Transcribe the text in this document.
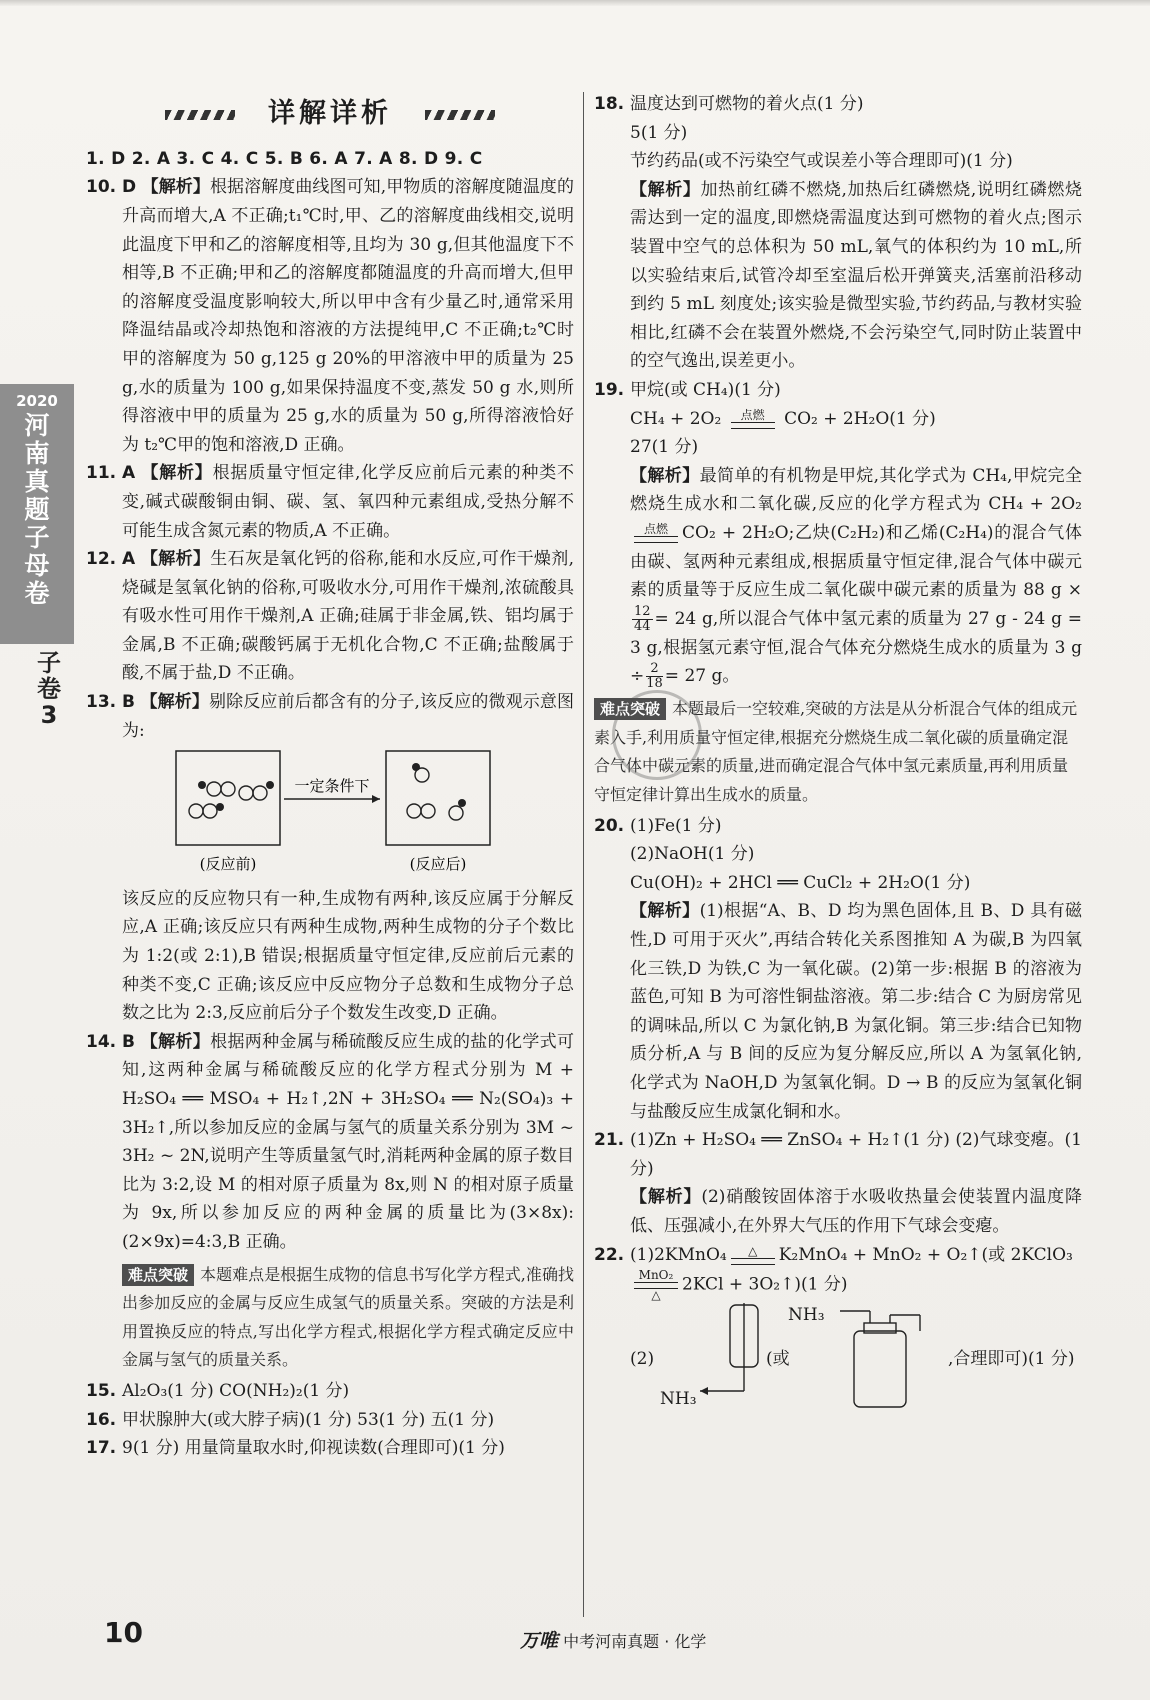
2020
河南真题子母卷
子卷3
详解详析

1. D 2. A 3. C 4. C 5. B 6. A 7. A 8. D 9. C

10. D 【解析】根据溶解度曲线图可知,甲物质的溶解度随温度的升高而增大,A 不正确;t₁℃时,甲、乙的溶解度曲线相交,说明此温度下甲和乙的溶解度相等,且均为 30 g,但其他温度下不相等,B 不正确;甲和乙的溶解度都随温度的升高而增大,但甲的溶解度受温度影响较大,所以甲中含有少量乙时,通常采用降温结晶或冷却热饱和溶液的方法提纯甲,C 不正确;t₂℃时甲的溶解度为 50 g,125 g 20%的甲溶液中甲的质量为 25 g,水的质量为 100 g,如果保持温度不变,蒸发 50 g 水,则所得溶液中甲的质量为 25 g,水的质量为 50 g,所得溶液恰好为 t₂℃甲的饱和溶液,D 正确。
11. A 【解析】根据质量守恒定律,化学反应前后元素的种类不变,碱式碳酸铜由铜、碳、氢、氧四种元素组成,受热分解不可能生成含氮元素的物质,A 不正确。
12. A 【解析】生石灰是氧化钙的俗称,能和水反应,可作干燥剂,烧碱是氢氧化钠的俗称,可吸收水分,可用作干燥剂,浓硫酸具有吸水性可用作干燥剂,A 正确;硅属于非金属,铁、铝均属于金属,B 不正确;碳酸钙属于无机化合物,C 不正确;盐酸属于酸,不属于盐,D 不正确。
13. B 【解析】剔除反应前后都含有的分子,该反应的微观示意图为:
一定条件下
(反应前)	(反应后)
该反应的反应物只有一种,生成物有两种,该反应属于分解反应,A 正确;该反应只有两种生成物,两种生成物的分子个数比为 1:2(或 2:1),B 错误;根据质量守恒定律,反应前后元素的种类不变,C 正确;该反应中反应物分子总数和生成物分子总数之比为 2:3,反应前后分子个数发生改变,D 正确。
14. B 【解析】根据两种金属与稀硫酸反应生成的盐的化学式可知,这两种金属与稀硫酸反应的化学方程式分别为 M + H₂SO₄ ══ MSO₄ + H₂↑,2N + 3H₂SO₄ ══ N₂(SO₄)₃ + 3H₂↑,所以参加反应的金属与氢气的质量关系分别为 3M ~ 3H₂ ~ 2N,说明产生等质量氢气时,消耗两种金属的原子数目比为 3:2,设 M 的相对原子质量为 8x,则 N 的相对原子质量为 9x,所以参加反应的两种金属的质量比为(3×8x):(2×9x)=4:3,B 正确。
难点突破 本题难点是根据生成物的信息书写化学方程式,准确找出参加反应的金属与反应生成氢气的质量关系。突破的方法是利用置换反应的特点,写出化学方程式,根据化学方程式确定反应中金属与氢气的质量关系。
15. Al₂O₃(1 分) CO(NH₂)₂(1 分)
16. 甲状腺肿大(或大脖子病)(1 分) 53(1 分) 五(1 分)
17. 9(1 分) 用量筒量取水时,仰视读数(合理即可)(1 分)
18. 温度达到可燃物的着火点(1 分)
5(1 分)
节约药品(或不污染空气或误差小等合理即可)(1 分)
【解析】加热前红磷不燃烧,加热后红磷燃烧,说明红磷燃烧需达到一定的温度,即燃烧需温度达到可燃物的着火点;图示装置中空气的总体积为 50 mL,氧气的体积约为 10 mL,所以实验结束后,试管冷却至室温后松开弹簧夹,活塞前沿移动到约 5 mL 刻度处;该实验是微型实验,节约药品,与教材实验相比,红磷不会在装置外燃烧,不会污染空气,同时防止装置中的空气逸出,误差更小。
19. 甲烷(或 CH₄)(1 分)
CH₄ + 2O₂	点燃	CO₂ + 2H₂O(1 分)
27(1 分)
【解析】最简单的有机物是甲烷,其化学式为 CH₄,甲烷完全燃烧生成水和二氧化碳,反应的化学方程式为 CH₄ + 2O₂
点燃 CO₂ + 2H₂O;乙炔(C₂H₂)和乙烯(C₂H₄)的混合气体由碳、氢两种元素组成,根据质量守恒定律,混合气体中碳元素的质量等于反应生成二氧化碳中碳元素的质量为 88 g ×
$\frac{12}{44} = 24$ g,所以混合气体中氢元素的质量为 27 g - 24 g = 3 g,根据氢元素守恒,混合气体充分燃烧生成水的质量为 3 $g \div \frac{2}{18} = 27$ g。
难点突破 本题最后一空较难,突破的方法是从分析混合气体的组成元素入手,利用质量守恒定律,根据充分燃烧生成二氧化碳的质量确定混合气体中碳元素的质量,进而确定混合气体中氢元素质量,再利用质量守恒定律计算出生成水的质量。
20. (1)Fe(1 分)
(2)NaOH(1 分)
Cu(OH)₂ + 2HCl ══ CuCl₂ + 2H₂O(1 分)
【解析】(1)根据“A、B、D 均为黑色固体,且 B、D 具有磁性,D 可用于灭火”,再结合转化关系图推知 A 为碳,B 为四氧化三铁,D 为铁,C 为一氧化碳。(2)第一步:根据 B 的溶液为蓝色,可知 B 为可溶性铜盐溶液。第二步:结合 C 为厨房常见的调味品,所以 C 为氯化钠,B 为氯化铜。第三步:结合已知物质分析,A 与 B 间的反应为复分解反应,所以 A 为氢氧化钠,化学式为 NaOH,D 为氢氧化铜。D → B 的反应为氢氧化铜与盐酸反应生成氯化铜和水。
21. (1)Zn + H₂SO₄ ══ ZnSO₄ + H₂↑(1 分) (2)气球变瘪。(1 分)
【解析】(2)硝酸铵固体溶于水吸收热量会使装置内温度降低、压强减小,在外界大气压的作用下气球会变瘪。
22. (1)2KMnO₄	△	K₂MnO₄ + MnO₂ + O₂↑(或 2KClO₃
MnO₂
△
2KCl + 3O₂↑)(1 分)
(2)
NH₃
(或
NH₃
,合理即可)(1 分)
10	万唯 中考河南真题 · 化学
